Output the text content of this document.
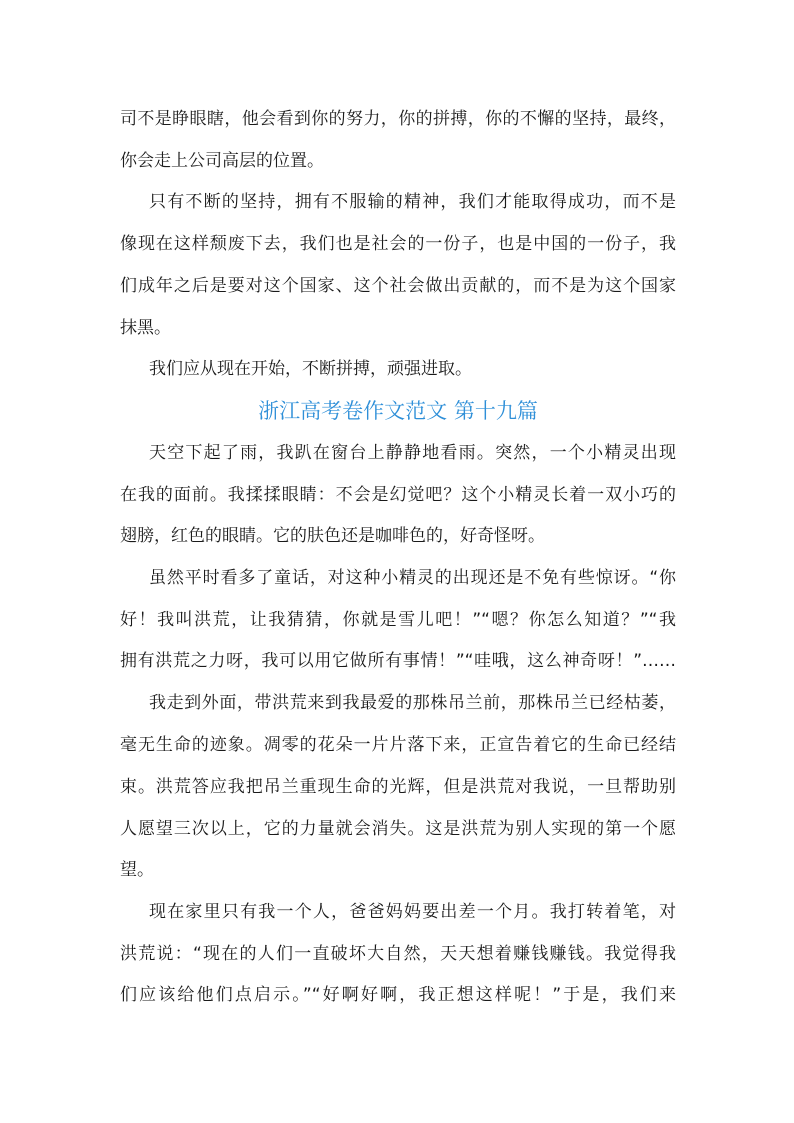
司不是睁眼瞎，他会看到你的努力，你的拼搏，你的不懈的坚持，最终，
你会走上公司高层的位置。
只有不断的坚持，拥有不服输的精神，我们才能取得成功，而不是
像现在这样颓废下去，我们也是社会的一份子，也是中国的一份子，我
们成年之后是要对这个国家、这个社会做出贡献的，而不是为这个国家
抹黑。
我们应从现在开始，不断拼搏，顽强进取。
浙江高考卷作文范文 第十九篇
天空下起了雨，我趴在窗台上静静地看雨。突然，一个小精灵出现
在我的面前。我揉揉眼睛：不会是幻觉吧？这个小精灵长着一双小巧的
翅膀，红色的眼睛。它的肤色还是咖啡色的，好奇怪呀。
虽然平时看多了童话，对这种小精灵的出现还是不免有些惊讶。“你
好！我叫洪荒，让我猜猜，你就是雪儿吧！”“嗯？你怎么知道？”“我
拥有洪荒之力呀，我可以用它做所有事情！”“哇哦，这么神奇呀！”……
我走到外面，带洪荒来到我最爱的那株吊兰前，那株吊兰已经枯萎，
毫无生命的迹象。凋零的花朵一片片落下来，正宣告着它的生命已经结
束。洪荒答应我把吊兰重现生命的光辉，但是洪荒对我说，一旦帮助别
人愿望三次以上，它的力量就会消失。这是洪荒为别人实现的第一个愿
望。
现在家里只有我一个人，爸爸妈妈要出差一个月。我打转着笔，对
洪荒说：“现在的人们一直破坏大自然，天天想着赚钱赚钱。我觉得我
们应该给他们点启示。”“好啊好啊，我正想这样呢！”于是，我们来
